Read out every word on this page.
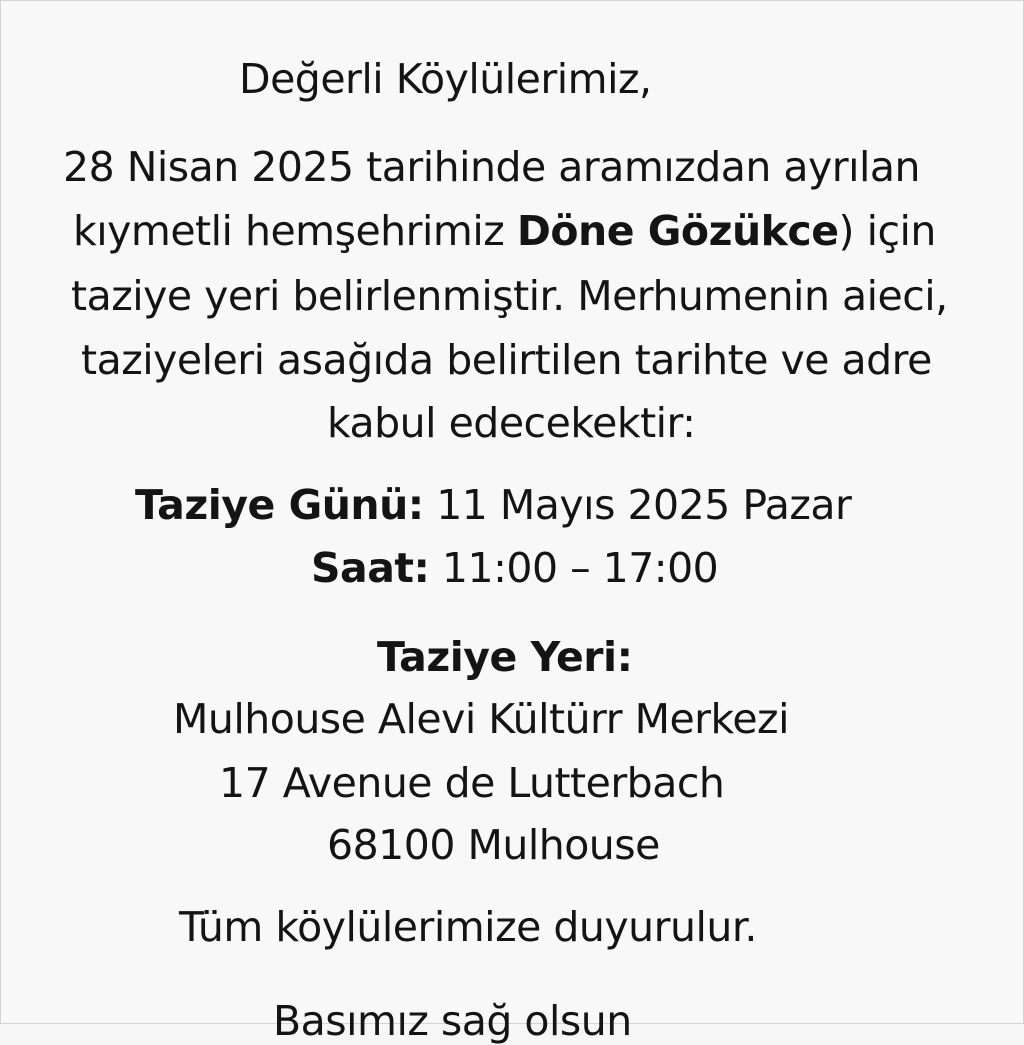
Değerli Köylülerimiz,
28 Nisan 2025 tarihinde aramızdan ayrılan
kıymetli hemşehrimiz Döne Gözükce) için
taziye yeri belirlenmiştir. Merhumenin aiесi,
taziyeleri asağıda belirtilen tarihte ve adre
kabul edecekektir:
Taziye Günü: 11 Mayıs 2025 Pazar
Saat: 11:00 – 17:00
Taziye Yeri:
Mulhouse Alevi Kültürr Merkezi
17 Avenue de Lutterbach
68100 Mulhouse
Tüm köylülerimize duyurulur.
Basımız sağ olsun
